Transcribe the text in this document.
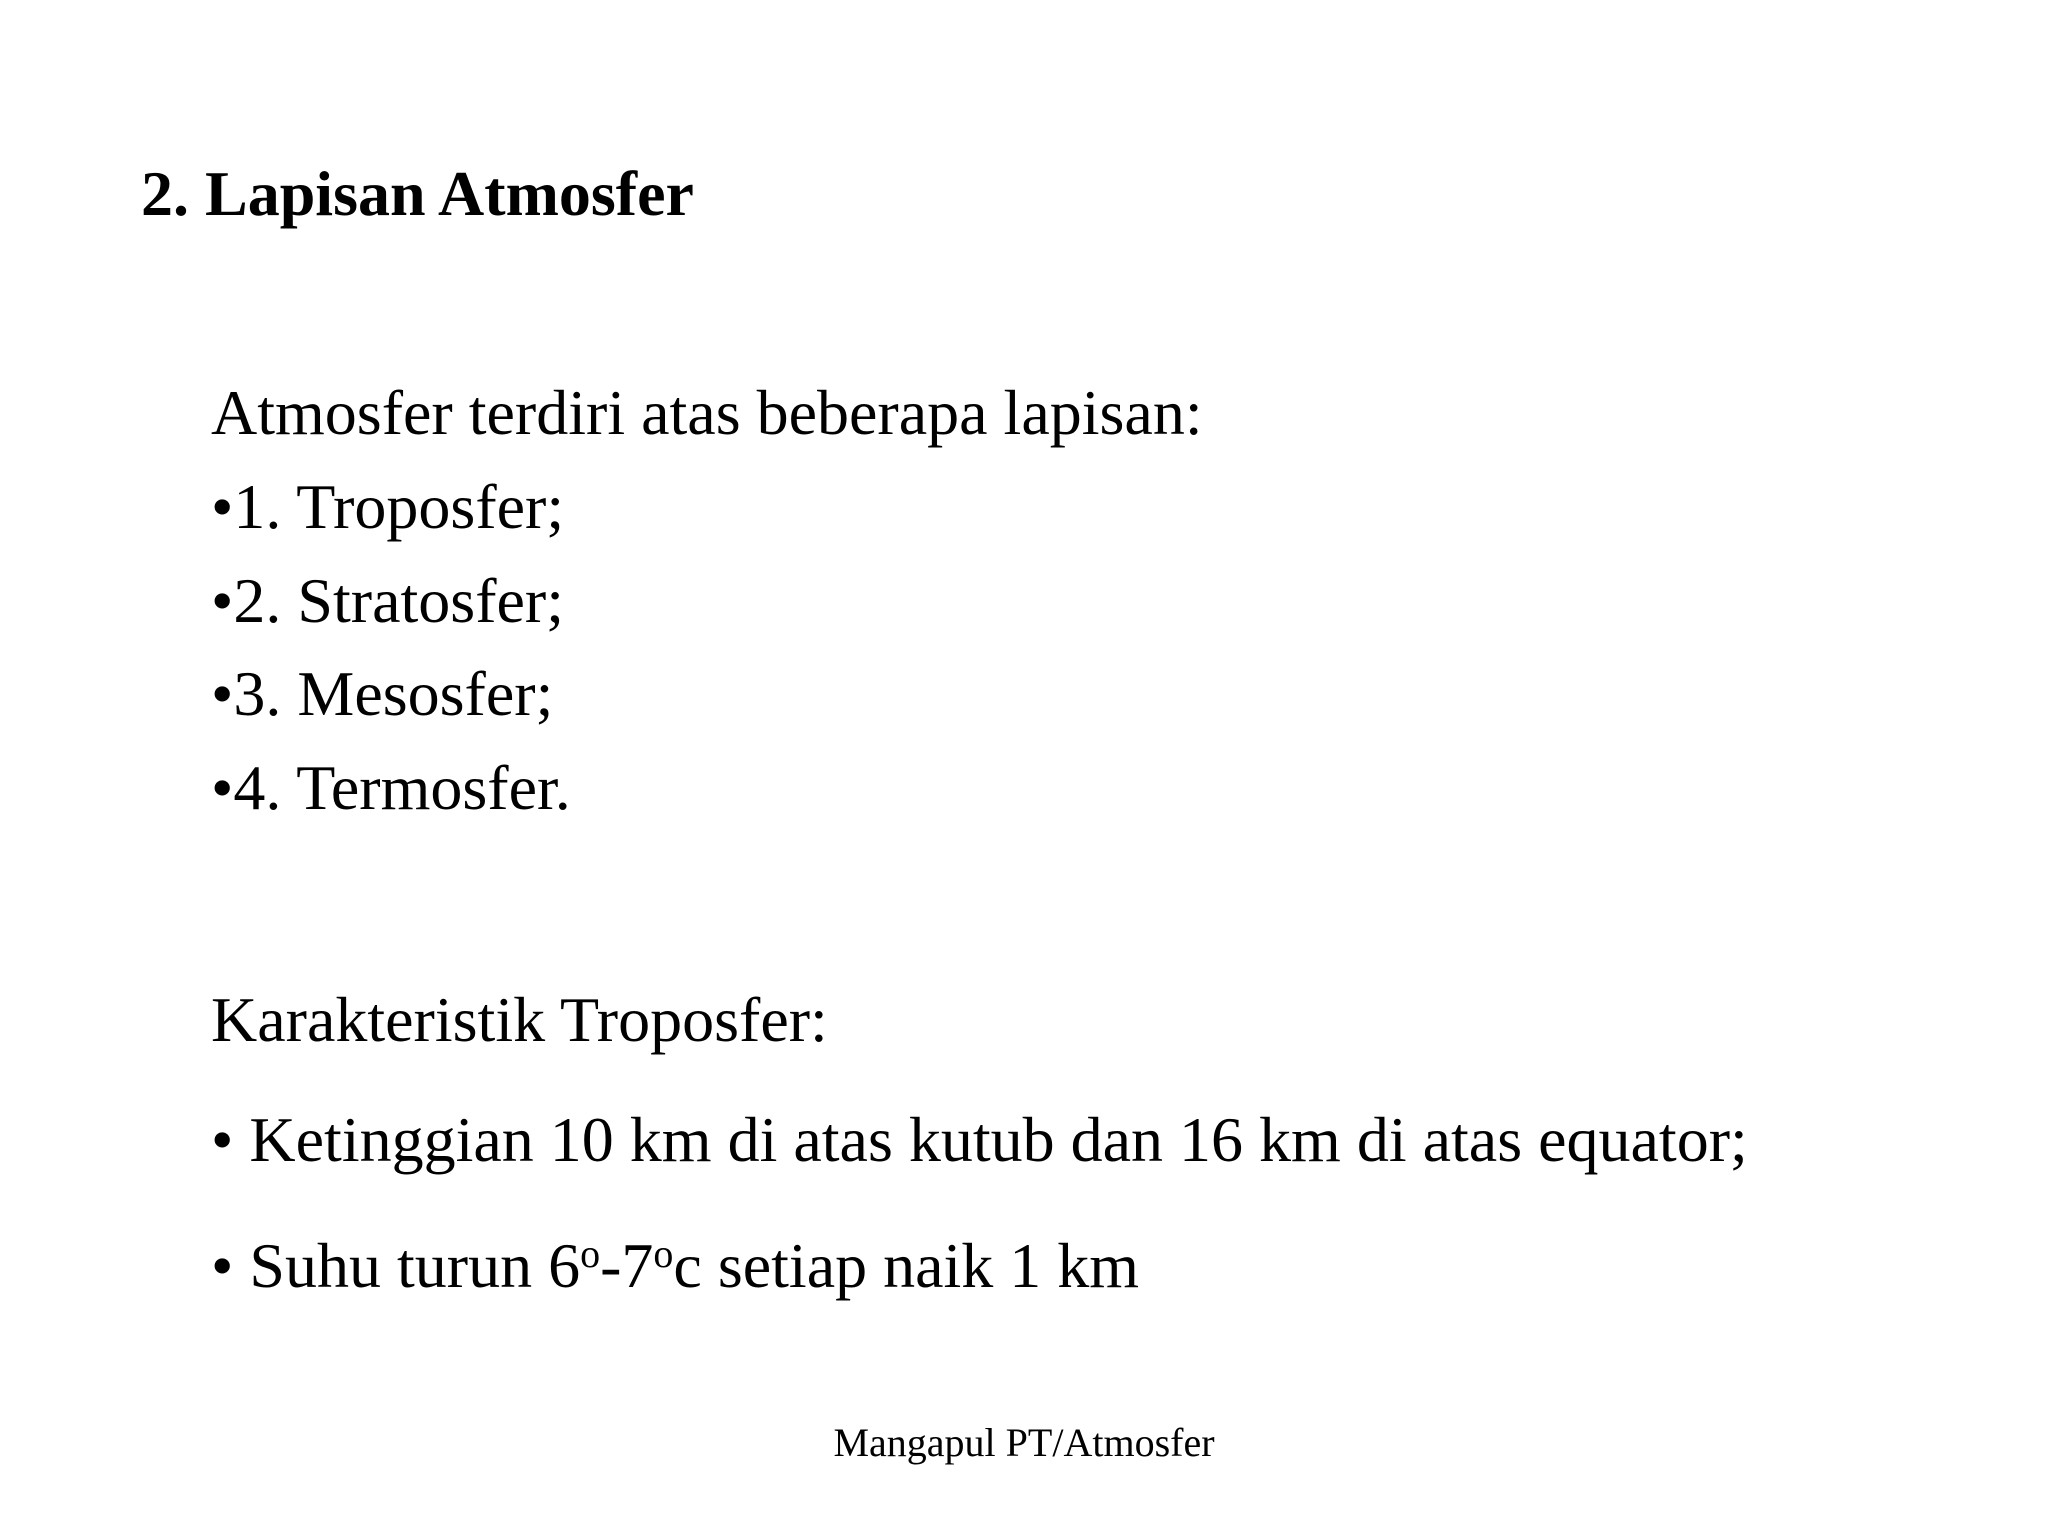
2. Lapisan Atmosfer

Atmosfer terdiri atas beberapa lapisan:

•1. Troposfer;

•2. Stratosfer;

•3. Mesosfer;

•4. Termosfer.

Karakteristik Troposfer:

• Ketinggian 10 km di atas kutub dan 16 km di atas equator;

• Suhu turun 6$^o$-7$^o$c setiap naik 1 km

Mangapul PT/Atmosfer
